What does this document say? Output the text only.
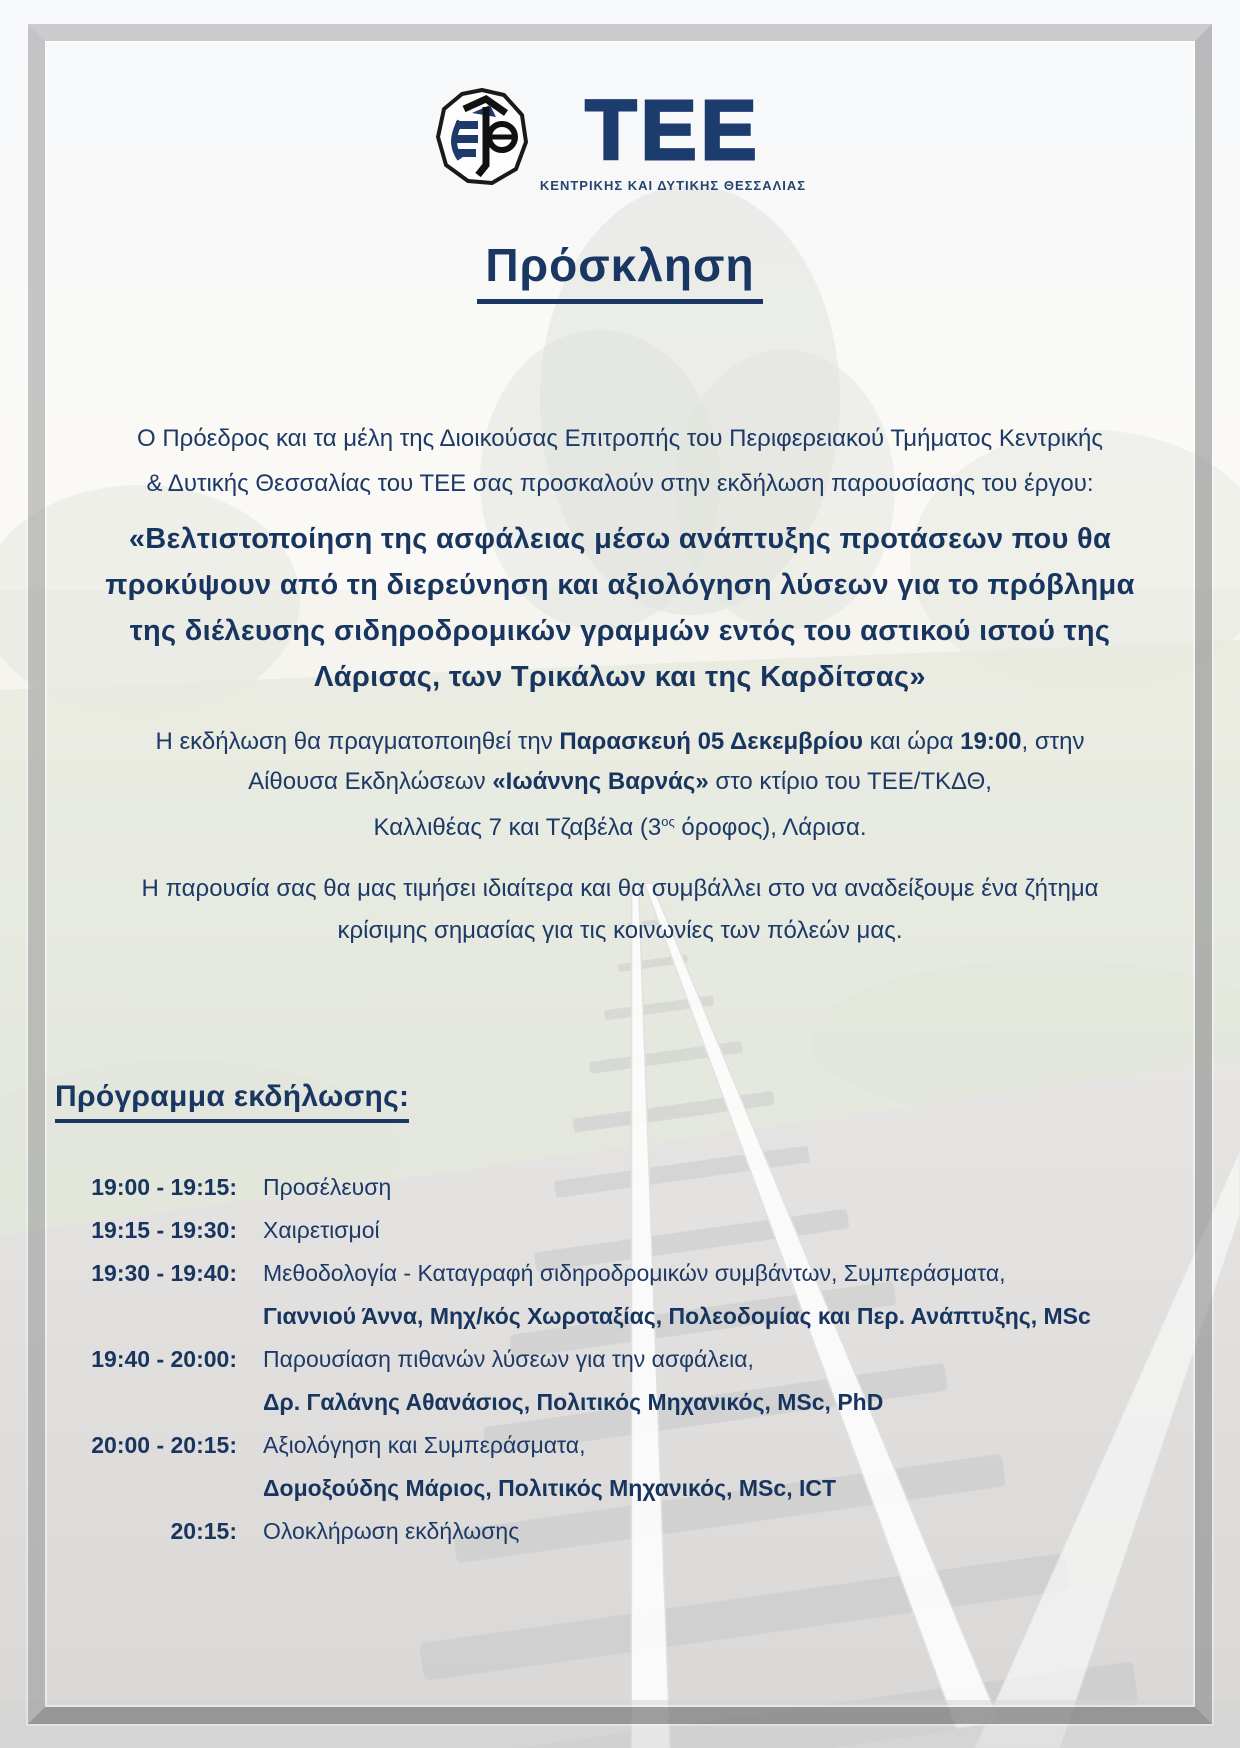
ΤΕΕ
ΚΕΝΤΡΙΚΗΣ ΚΑΙ ΔΥΤΙΚΗΣ ΘΕΣΣΑΛΙΑΣ
Πρόσκληση
Ο Πρόεδρος και τα μέλη της Διοικούσας Επιτροπής του Περιφερειακού Τμήματος Κεντρικής
& Δυτικής Θεσσαλίας του ΤΕΕ σας προσκαλούν στην εκδήλωση παρουσίασης του έργου:
«Βελτιστοποίηση της ασφάλειας μέσω ανάπτυξης προτάσεων που θα
προκύψουν από τη διερεύνηση και αξιολόγηση λύσεων για το πρόβλημα
της διέλευσης σιδηροδρομικών γραμμών εντός του αστικού ιστού της
Λάρισας, των Τρικάλων και της Καρδίτσας»
Η εκδήλωση θα πραγματοποιηθεί την Παρασκευή 05 Δεκεμβρίου και ώρα 19:00, στην
Αίθουσα Εκδηλώσεων «Ιωάννης Βαρνάς» στο κτίριο του ΤΕΕ/ΤΚΔΘ,
Καλλιθέας 7 και Τζαβέλα ($3^{o\varsigma}$ όροφος), Λάρισα.
Η παρουσία σας θα μας τιμήσει ιδιαίτερα και θα συμβάλλει στο να αναδείξουμε ένα ζήτημα
κρίσιμης σημασίας για τις κοινωνίες των πόλεών μας.
Πρόγραμμα εκδήλωσης:
19:00 - 19:15: Προσέλευση
19:15 - 19:30: Χαιρετισμοί
19:30 - 19:40: Μεθοδολογία - Καταγραφή σιδηροδρομικών συμβάντων, Συμπεράσματα,
Γιαννιού Άννα, Μηχ/κός Χωροταξίας, Πολεοδομίας και Περ. Ανάπτυξης, MSc
19:40 - 20:00: Παρουσίαση πιθανών λύσεων για την ασφάλεια,
Δρ. Γαλάνης Αθανάσιος, Πολιτικός Μηχανικός, MSc, PhD
20:00 - 20:15: Αξιολόγηση και Συμπεράσματα,
Δομοξούδης Μάριος, Πολιτικός Μηχανικός, MSc, ICT
20:15: Ολοκλήρωση εκδήλωσης
